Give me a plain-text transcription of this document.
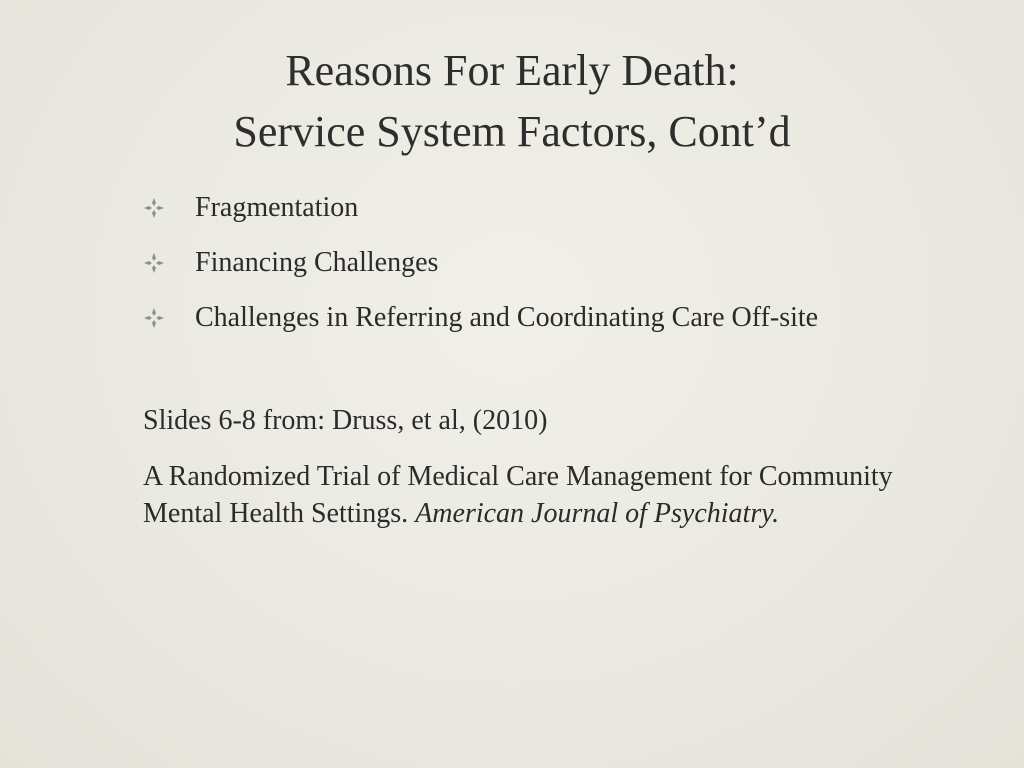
Reasons For Early Death:
Service System Factors, Cont’d
Fragmentation
Financing Challenges
Challenges in Referring and Coordinating Care Off-site
Slides 6-8 from: Druss, et al, (2010)
A Randomized Trial of Medical Care Management for Community Mental Health Settings. American Journal of Psychiatry.
